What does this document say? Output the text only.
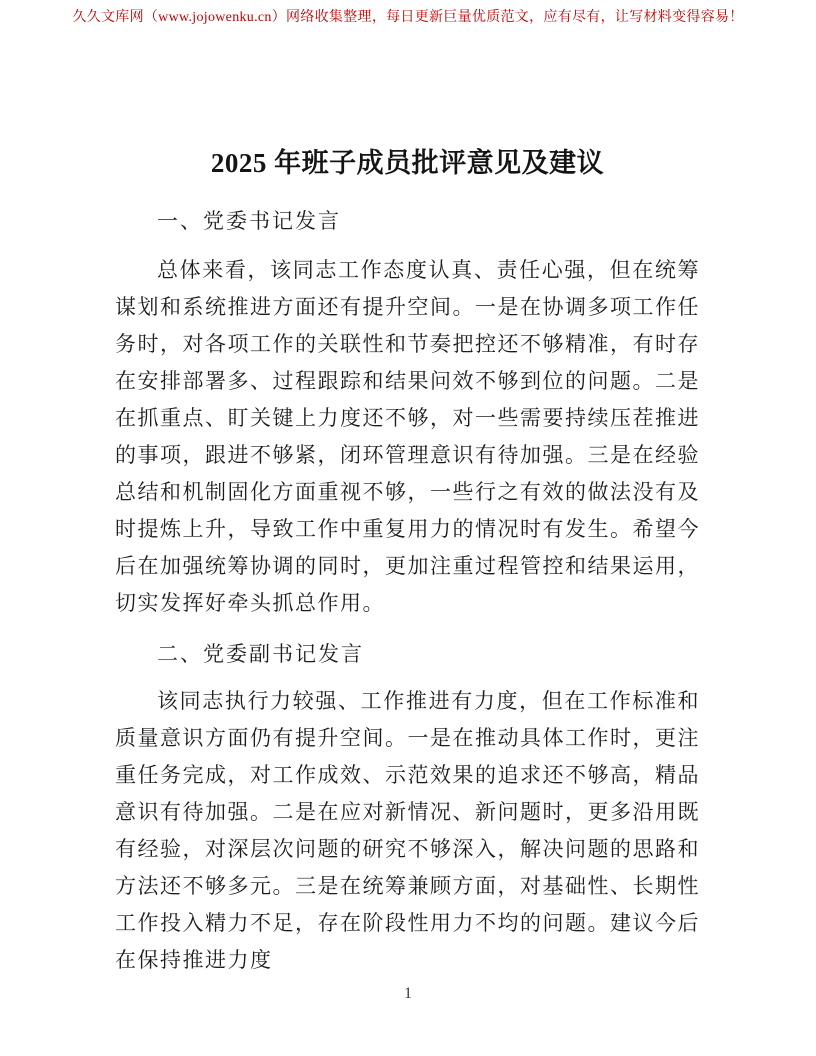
久久文库网（www.jojowenku.cn）网络收集整理，每日更新巨量优质范文，应有尽有，让写材料变得容易！
2025 年班子成员批评意见及建议
一、党委书记发言

总体来看，该同志工作态度认真、责任心强，但在统筹谋划和系统推进方面还有提升空间。一是在协调多项工作任务时，对各项工作的关联性和节奏把控还不够精准，有时存在安排部署多、过程跟踪和结果问效不够到位的问题。二是在抓重点、盯关键上力度还不够，对一些需要持续压茬推进的事项，跟进不够紧，闭环管理意识有待加强。三是在经验总结和机制固化方面重视不够，一些行之有效的做法没有及时提炼上升，导致工作中重复用力的情况时有发生。希望今后在加强统筹协调的同时，更加注重过程管控和结果运用，切实发挥好牵头抓总作用。

二、党委副书记发言

该同志执行力较强、工作推进有力度，但在工作标准和质量意识方面仍有提升空间。一是在推动具体工作时，更注重任务完成，对工作成效、示范效果的追求还不够高，精品意识有待加强。二是在应对新情况、新问题时，更多沿用既有经验，对深层次问题的研究不够深入，解决问题的思路和方法还不够多元。三是在统筹兼顾方面，对基础性、长期性工作投入精力不足，存在阶段性用力不均的问题。建议今后在保持推进力度

1
